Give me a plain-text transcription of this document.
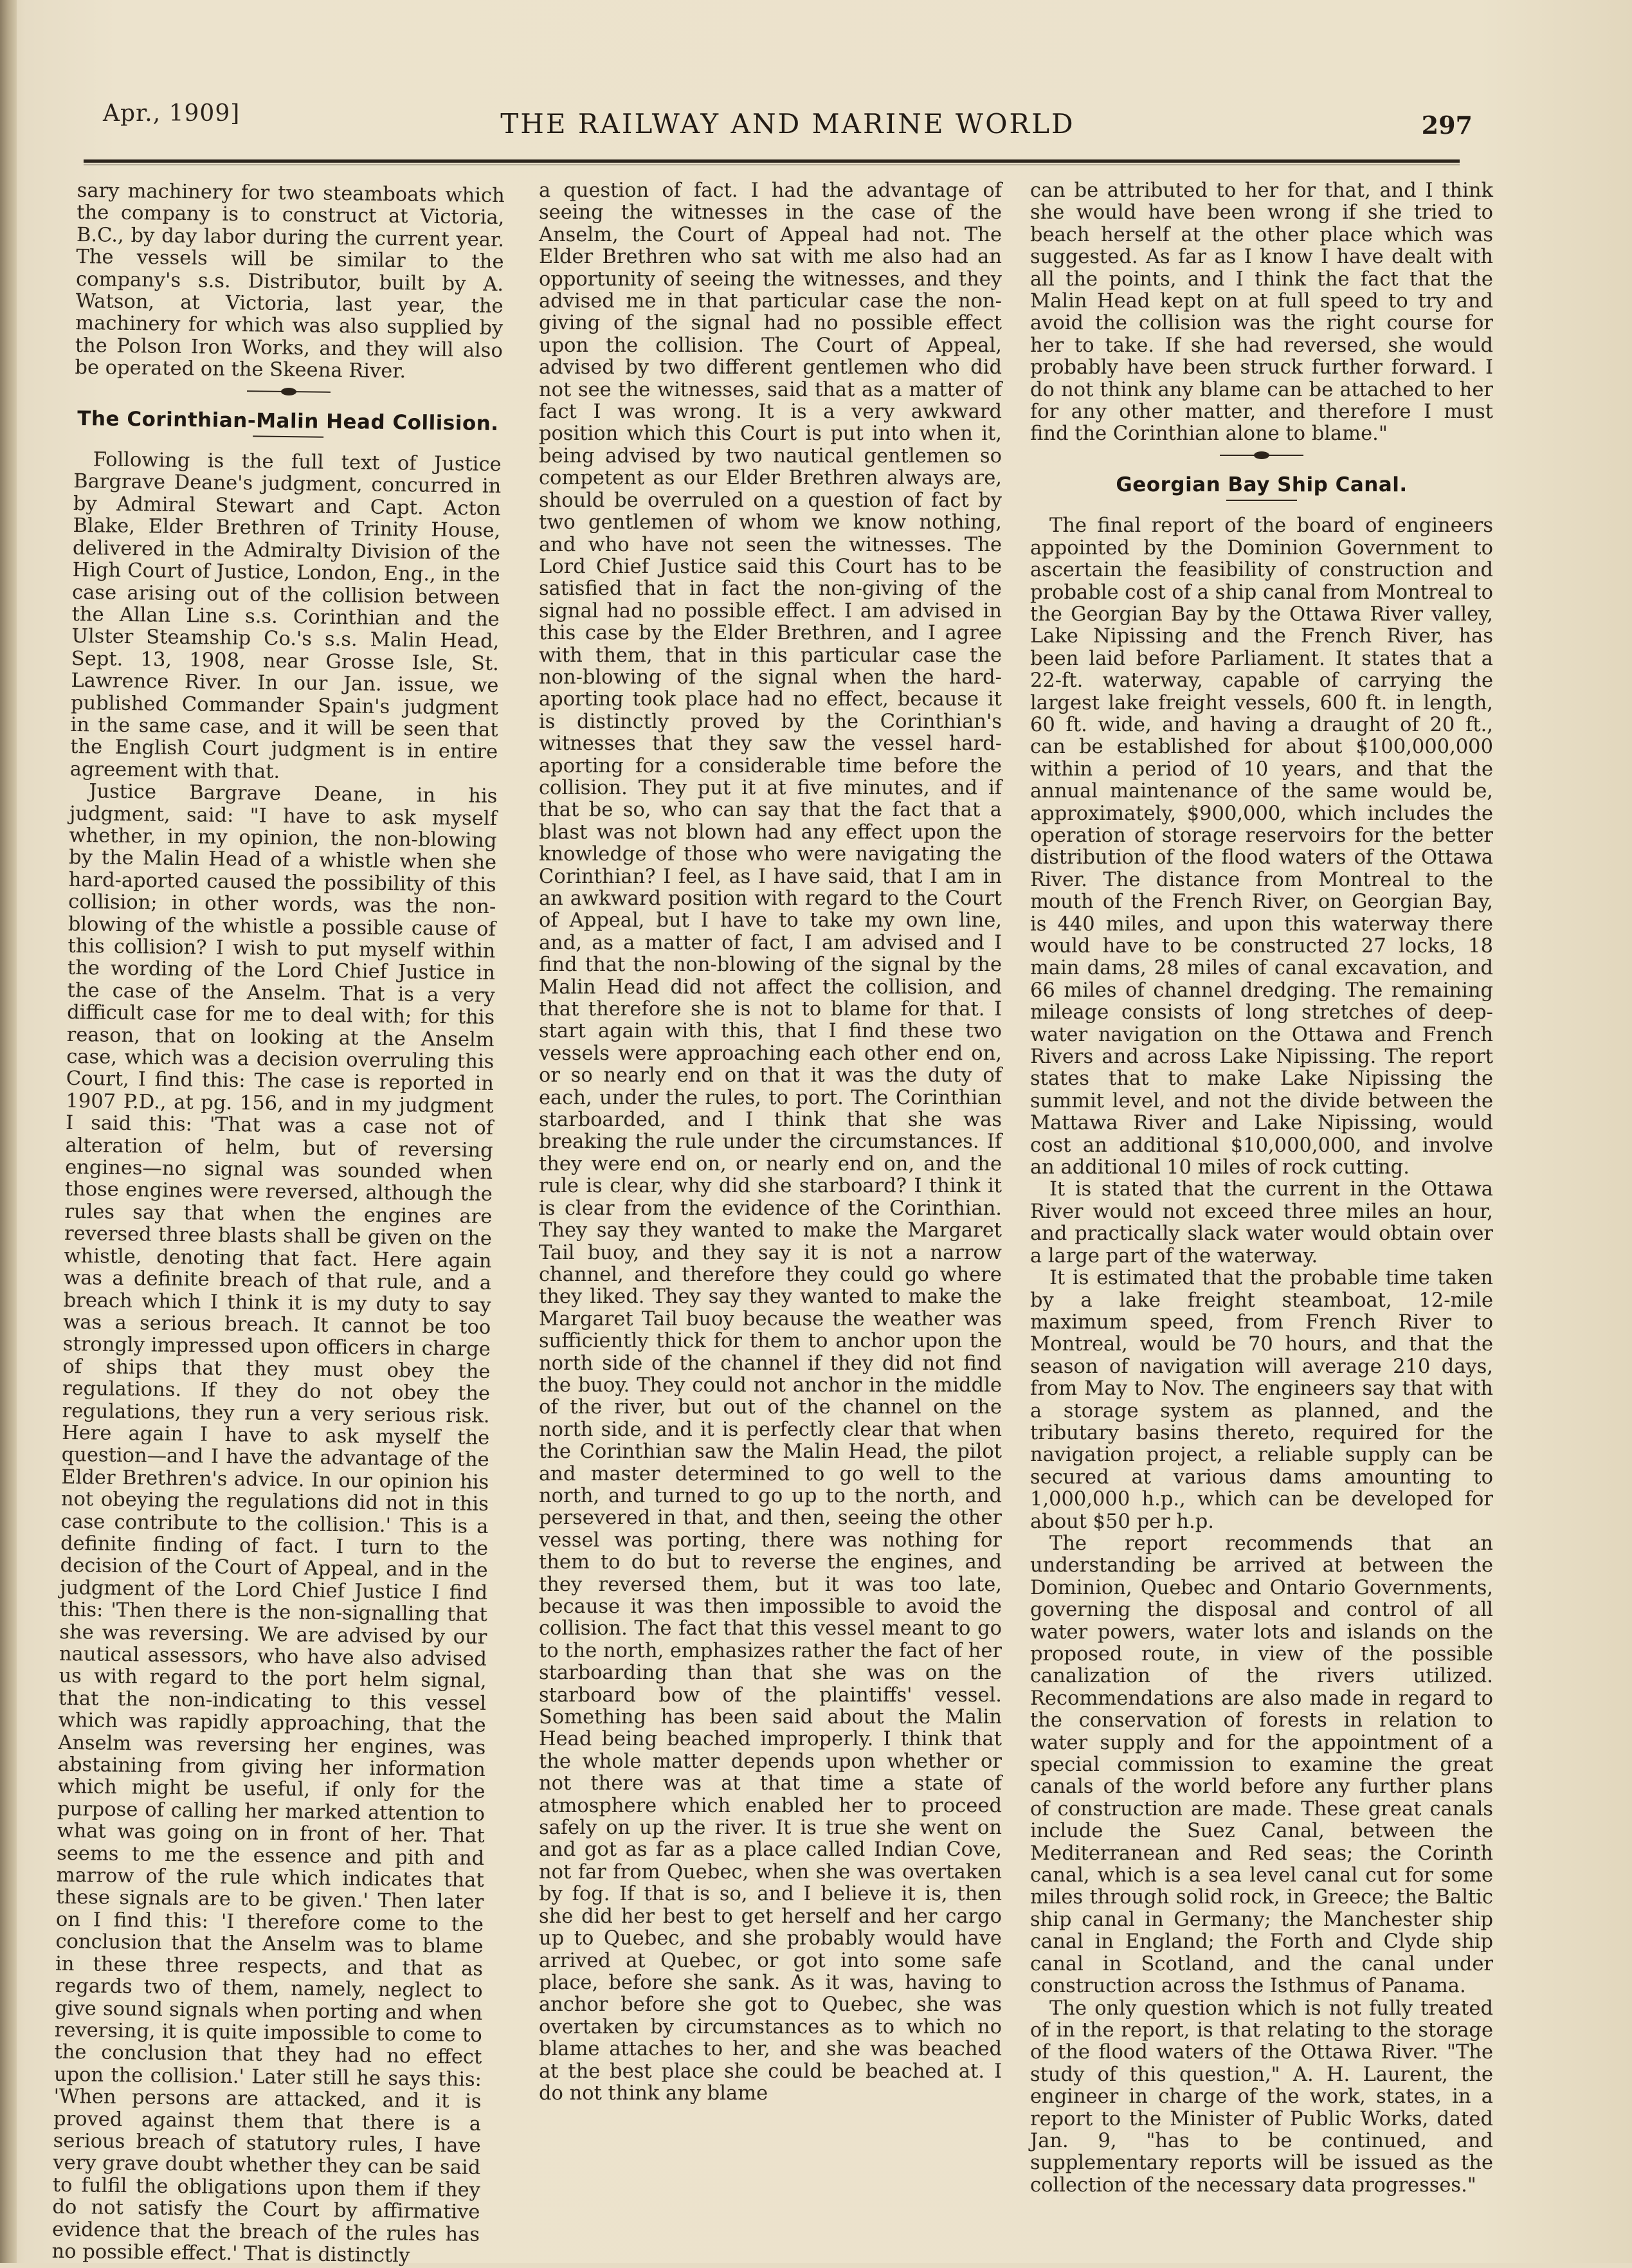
Apr., 1909]	THE RAILWAY AND MARINE WORLD	297

sary machinery for two steamboats which the company is to construct at Victoria, B.C., by day labor during the current year. The vessels will be similar to the company's s.s. Distributor, built by A. Watson, at Victoria, last year, the machinery for which was also supplied by the Polson Iron Works, and they will also be operated on the Skeena River.

The Corinthian-Malin Head Collision.

Following is the full text of Justice Bargrave Deane's judgment, concurred in by Admiral Stewart and Capt. Acton Blake, Elder Brethren of Trinity House, delivered in the Admiralty Division of the High Court of Justice, London, Eng., in the case arising out of the collision between the Allan Line s.s. Corinthian and the Ulster Steamship Co.'s s.s. Malin Head, Sept. 13, 1908, near Grosse Isle, St. Lawrence River. In our Jan. issue, we published Commander Spain's judgment in the same case, and it will be seen that the English Court judgment is in entire agreement with that.

Justice Bargrave Deane, in his judgment, said: "I have to ask myself whether, in my opinion, the non-blowing by the Malin Head of a whistle when she hard-aported caused the possibility of this collision; in other words, was the non-blowing of the whistle a possible cause of this collision? I wish to put myself within the wording of the Lord Chief Justice in the case of the Anselm. That is a very difficult case for me to deal with; for this reason, that on looking at the Anselm case, which was a decision overruling this Court, I find this: The case is reported in 1907 P.D., at pg. 156, and in my judgment I said this: 'That was a case not of alteration of helm, but of reversing engines—no signal was sounded when those engines were reversed, although the rules say that when the engines are reversed three blasts shall be given on the whistle, denoting that fact. Here again was a definite breach of that rule, and a breach which I think it is my duty to say was a serious breach. It cannot be too strongly impressed upon officers in charge of ships that they must obey the regulations. If they do not obey the regulations, they run a very serious risk. Here again I have to ask myself the question—and I have the advantage of the Elder Brethren's advice. In our opinion his not obeying the regulations did not in this case contribute to the collision.' This is a definite finding of fact. I turn to the decision of the Court of Appeal, and in the judgment of the Lord Chief Justice I find this: 'Then there is the non-signalling that she was reversing. We are advised by our nautical assessors, who have also advised us with regard to the port helm signal, that the non-indicating to this vessel which was rapidly approaching, that the Anselm was reversing her engines, was abstaining from giving her information which might be useful, if only for the purpose of calling her marked attention to what was going on in front of her. That seems to me the essence and pith and marrow of the rule which indicates that these signals are to be given.' Then later on I find this: 'I therefore come to the conclusion that the Anselm was to blame in these three respects, and that as regards two of them, namely, neglect to give sound signals when porting and when reversing, it is quite impossible to come to the conclusion that they had no effect upon the collision.' Later still he says this: 'When persons are attacked, and it is proved against them that there is a serious breach of statutory rules, I have very grave doubt whether they can be said to fulfil the obligations upon them if they do not satisfy the Court by affirmative evidence that the breach of the rules has no possible effect.' That is distinctly

a question of fact. I had the advantage of seeing the witnesses in the case of the Anselm, the Court of Appeal had not. The Elder Brethren who sat with me also had an opportunity of seeing the witnesses, and they advised me in that particular case the non-giving of the signal had no possible effect upon the collision. The Court of Appeal, advised by two different gentlemen who did not see the witnesses, said that as a matter of fact I was wrong. It is a very awkward position which this Court is put into when it, being advised by two nautical gentlemen so competent as our Elder Brethren always are, should be overruled on a question of fact by two gentlemen of whom we know nothing, and who have not seen the witnesses. The Lord Chief Justice said this Court has to be satisfied that in fact the non-giving of the signal had no possible effect. I am advised in this case by the Elder Brethren, and I agree with them, that in this particular case the non-blowing of the signal when the hard-aporting took place had no effect, because it is distinctly proved by the Corinthian's witnesses that they saw the vessel hard-aporting for a considerable time before the collision. They put it at five minutes, and if that be so, who can say that the fact that a blast was not blown had any effect upon the knowledge of those who were navigating the Corinthian? I feel, as I have said, that I am in an awkward position with regard to the Court of Appeal, but I have to take my own line, and, as a matter of fact, I am advised and I find that the non-blowing of the signal by the Malin Head did not affect the collision, and that therefore she is not to blame for that. I start again with this, that I find these two vessels were approaching each other end on, or so nearly end on that it was the duty of each, under the rules, to port. The Corinthian starboarded, and I think that she was breaking the rule under the circumstances. If they were end on, or nearly end on, and the rule is clear, why did she starboard? I think it is clear from the evidence of the Corinthian. They say they wanted to make the Margaret Tail buoy, and they say it is not a narrow channel, and therefore they could go where they liked. They say they wanted to make the Margaret Tail buoy because the weather was sufficiently thick for them to anchor upon the north side of the channel if they did not find the buoy. They could not anchor in the middle of the river, but out of the channel on the north side, and it is perfectly clear that when the Corinthian saw the Malin Head, the pilot and master determined to go well to the north, and turned to go up to the north, and persevered in that, and then, seeing the other vessel was porting, there was nothing for them to do but to reverse the engines, and they reversed them, but it was too late, because it was then impossible to avoid the collision. The fact that this vessel meant to go to the north, emphasizes rather the fact of her starboarding than that she was on the starboard bow of the plaintiffs' vessel. Something has been said about the Malin Head being beached improperly. I think that the whole matter depends upon whether or not there was at that time a state of atmosphere which enabled her to proceed safely on up the river. It is true she went on and got as far as a place called Indian Cove, not far from Quebec, when she was overtaken by fog. If that is so, and I believe it is, then she did her best to get herself and her cargo up to Quebec, and she probably would have arrived at Quebec, or got into some safe place, before she sank. As it was, having to anchor before she got to Quebec, she was overtaken by circumstances as to which no blame attaches to her, and she was beached at the best place she could be beached at. I do not think any blame

can be attributed to her for that, and I think she would have been wrong if she tried to beach herself at the other place which was suggested. As far as I know I have dealt with all the points, and I think the fact that the Malin Head kept on at full speed to try and avoid the collision was the right course for her to take. If she had reversed, she would probably have been struck further forward. I do not think any blame can be attached to her for any other matter, and therefore I must find the Corinthian alone to blame."

Georgian Bay Ship Canal.

The final report of the board of engineers appointed by the Dominion Government to ascertain the feasibility of construction and probable cost of a ship canal from Montreal to the Georgian Bay by the Ottawa River valley, Lake Nipissing and the French River, has been laid before Parliament. It states that a 22-ft. waterway, capable of carrying the largest lake freight vessels, 600 ft. in length, 60 ft. wide, and having a draught of 20 ft., can be established for about $100,000,000 within a period of 10 years, and that the annual maintenance of the same would be, approximately, $900,000, which includes the operation of storage reservoirs for the better distribution of the flood waters of the Ottawa River. The distance from Montreal to the mouth of the French River, on Georgian Bay, is 440 miles, and upon this waterway there would have to be constructed 27 locks, 18 main dams, 28 miles of canal excavation, and 66 miles of channel dredging. The remaining mileage consists of long stretches of deep-water navigation on the Ottawa and French Rivers and across Lake Nipissing. The report states that to make Lake Nipissing the summit level, and not the divide between the Mattawa River and Lake Nipissing, would cost an additional $10,000,000, and involve an additional 10 miles of rock cutting.

It is stated that the current in the Ottawa River would not exceed three miles an hour, and practically slack water would obtain over a large part of the waterway.

It is estimated that the probable time taken by a lake freight steamboat, 12-mile maximum speed, from French River to Montreal, would be 70 hours, and that the season of navigation will average 210 days, from May to Nov. The engineers say that with a storage system as planned, and the tributary basins thereto, required for the navigation project, a reliable supply can be secured at various dams amounting to 1,000,000 h.p., which can be developed for about $50 per h.p.

The report recommends that an understanding be arrived at between the Dominion, Quebec and Ontario Governments, governing the disposal and control of all water powers, water lots and islands on the proposed route, in view of the possible canalization of the rivers utilized. Recommendations are also made in regard to the conservation of forests in relation to water supply and for the appointment of a special commission to examine the great canals of the world before any further plans of construction are made. These great canals include the Suez Canal, between the Mediterranean and Red seas; the Corinth canal, which is a sea level canal cut for some miles through solid rock, in Greece; the Baltic ship canal in Germany; the Manchester ship canal in England; the Forth and Clyde ship canal in Scotland, and the canal under construction across the Isthmus of Panama.

The only question which is not fully treated of in the report, is that relating to the storage of the flood waters of the Ottawa River. "The study of this question," A. H. Laurent, the engineer in charge of the work, states, in a report to the Minister of Public Works, dated Jan. 9, "has to be continued, and supplementary reports will be issued as the collection of the necessary data progresses."
